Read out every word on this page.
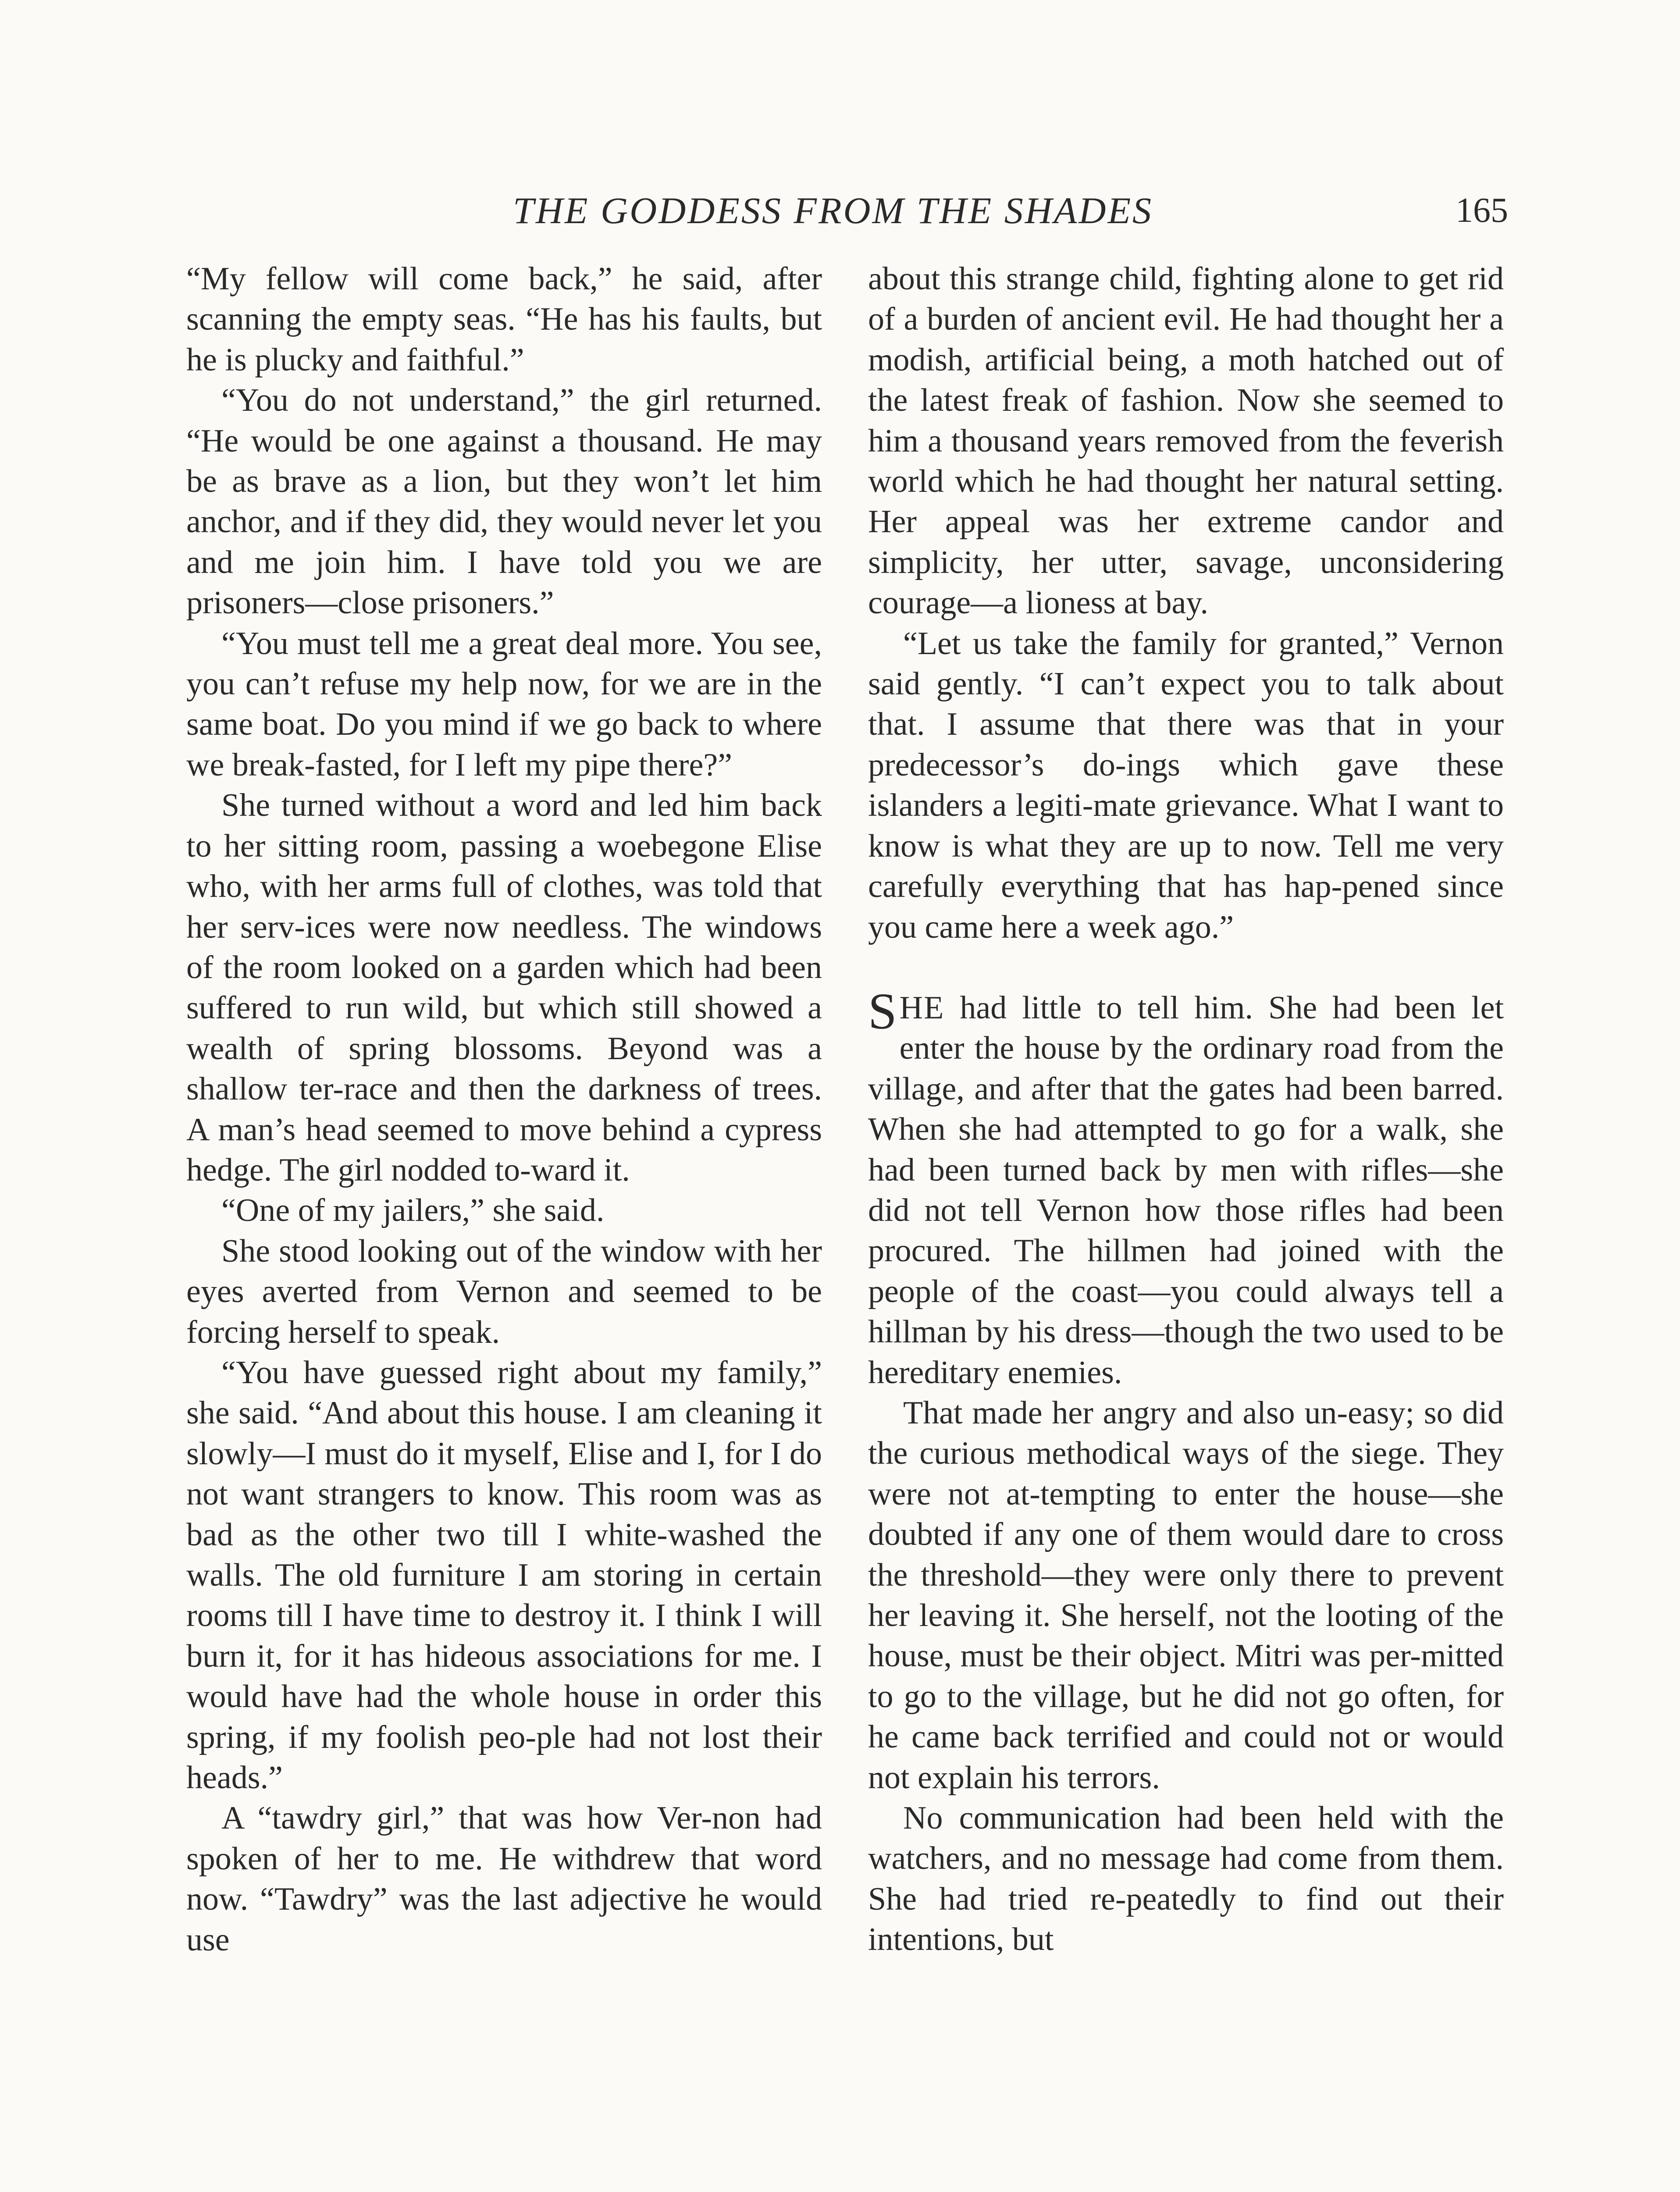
THE GODDESS FROM THE SHADES	165

“My fellow will come back,” he said, after scanning the empty seas. “He has his faults, but he is plucky and faithful.”

“You do not understand,” the girl returned. “He would be one against a thousand. He may be as brave as a lion, but they won’t let him anchor, and if they did, they would never let you and me join him. I have told you we are prisoners—close prisoners.”

“You must tell me a great deal more. You see, you can’t refuse my help now, for we are in the same boat. Do you mind if we go back to where we break-fasted, for I left my pipe there?”

She turned without a word and led him back to her sitting room, passing a woebegone Elise who, with her arms full of clothes, was told that her serv-ices were now needless. The windows of the room looked on a garden which had been suffered to run wild, but which still showed a wealth of spring blossoms. Beyond was a shallow ter-race and then the darkness of trees. A man’s head seemed to move behind a cypress hedge. The girl nodded to-ward it.

“One of my jailers,” she said.

She stood looking out of the window with her eyes averted from Vernon and seemed to be forcing herself to speak.

“You have guessed right about my family,” she said. “And about this house. I am cleaning it slowly—I must do it myself, Elise and I, for I do not want strangers to know. This room was as bad as the other two till I white-washed the walls. The old furniture I am storing in certain rooms till I have time to destroy it. I think I will burn it, for it has hideous associations for me. I would have had the whole house in order this spring, if my foolish peo-ple had not lost their heads.”

A “tawdry girl,” that was how Ver-non had spoken of her to me. He withdrew that word now. “Tawdry” was the last adjective he would use

about this strange child, fighting alone to get rid of a burden of ancient evil. He had thought her a modish, artificial being, a moth hatched out of the latest freak of fashion. Now she seemed to him a thousand years removed from the feverish world which he had thought her natural setting. Her appeal was her extreme candor and simplicity, her utter, savage, unconsidering courage—a lioness at bay.

“Let us take the family for granted,” Vernon said gently. “I can’t expect you to talk about that. I assume that there was that in your predecessor’s do-ings which gave these islanders a legiti-mate grievance. What I want to know is what they are up to now. Tell me very carefully everything that has hap-pened since you came here a week ago.”

SHE had little to tell him. She had been let enter the house by the ordinary road from the village, and after that the gates had been barred. When she had attempted to go for a walk, she had been turned back by men with rifles—she did not tell Vernon how those rifles had been procured. The hillmen had joined with the people of the coast—you could always tell a hillman by his dress—though the two used to be hereditary enemies.

That made her angry and also un-easy; so did the curious methodical ways of the siege. They were not at-tempting to enter the house—she doubted if any one of them would dare to cross the threshold—they were only there to prevent her leaving it. She herself, not the looting of the house, must be their object. Mitri was per-mitted to go to the village, but he did not go often, for he came back terrified and could not or would not explain his terrors.

No communication had been held with the watchers, and no message had come from them. She had tried re-peatedly to find out their intentions, but
